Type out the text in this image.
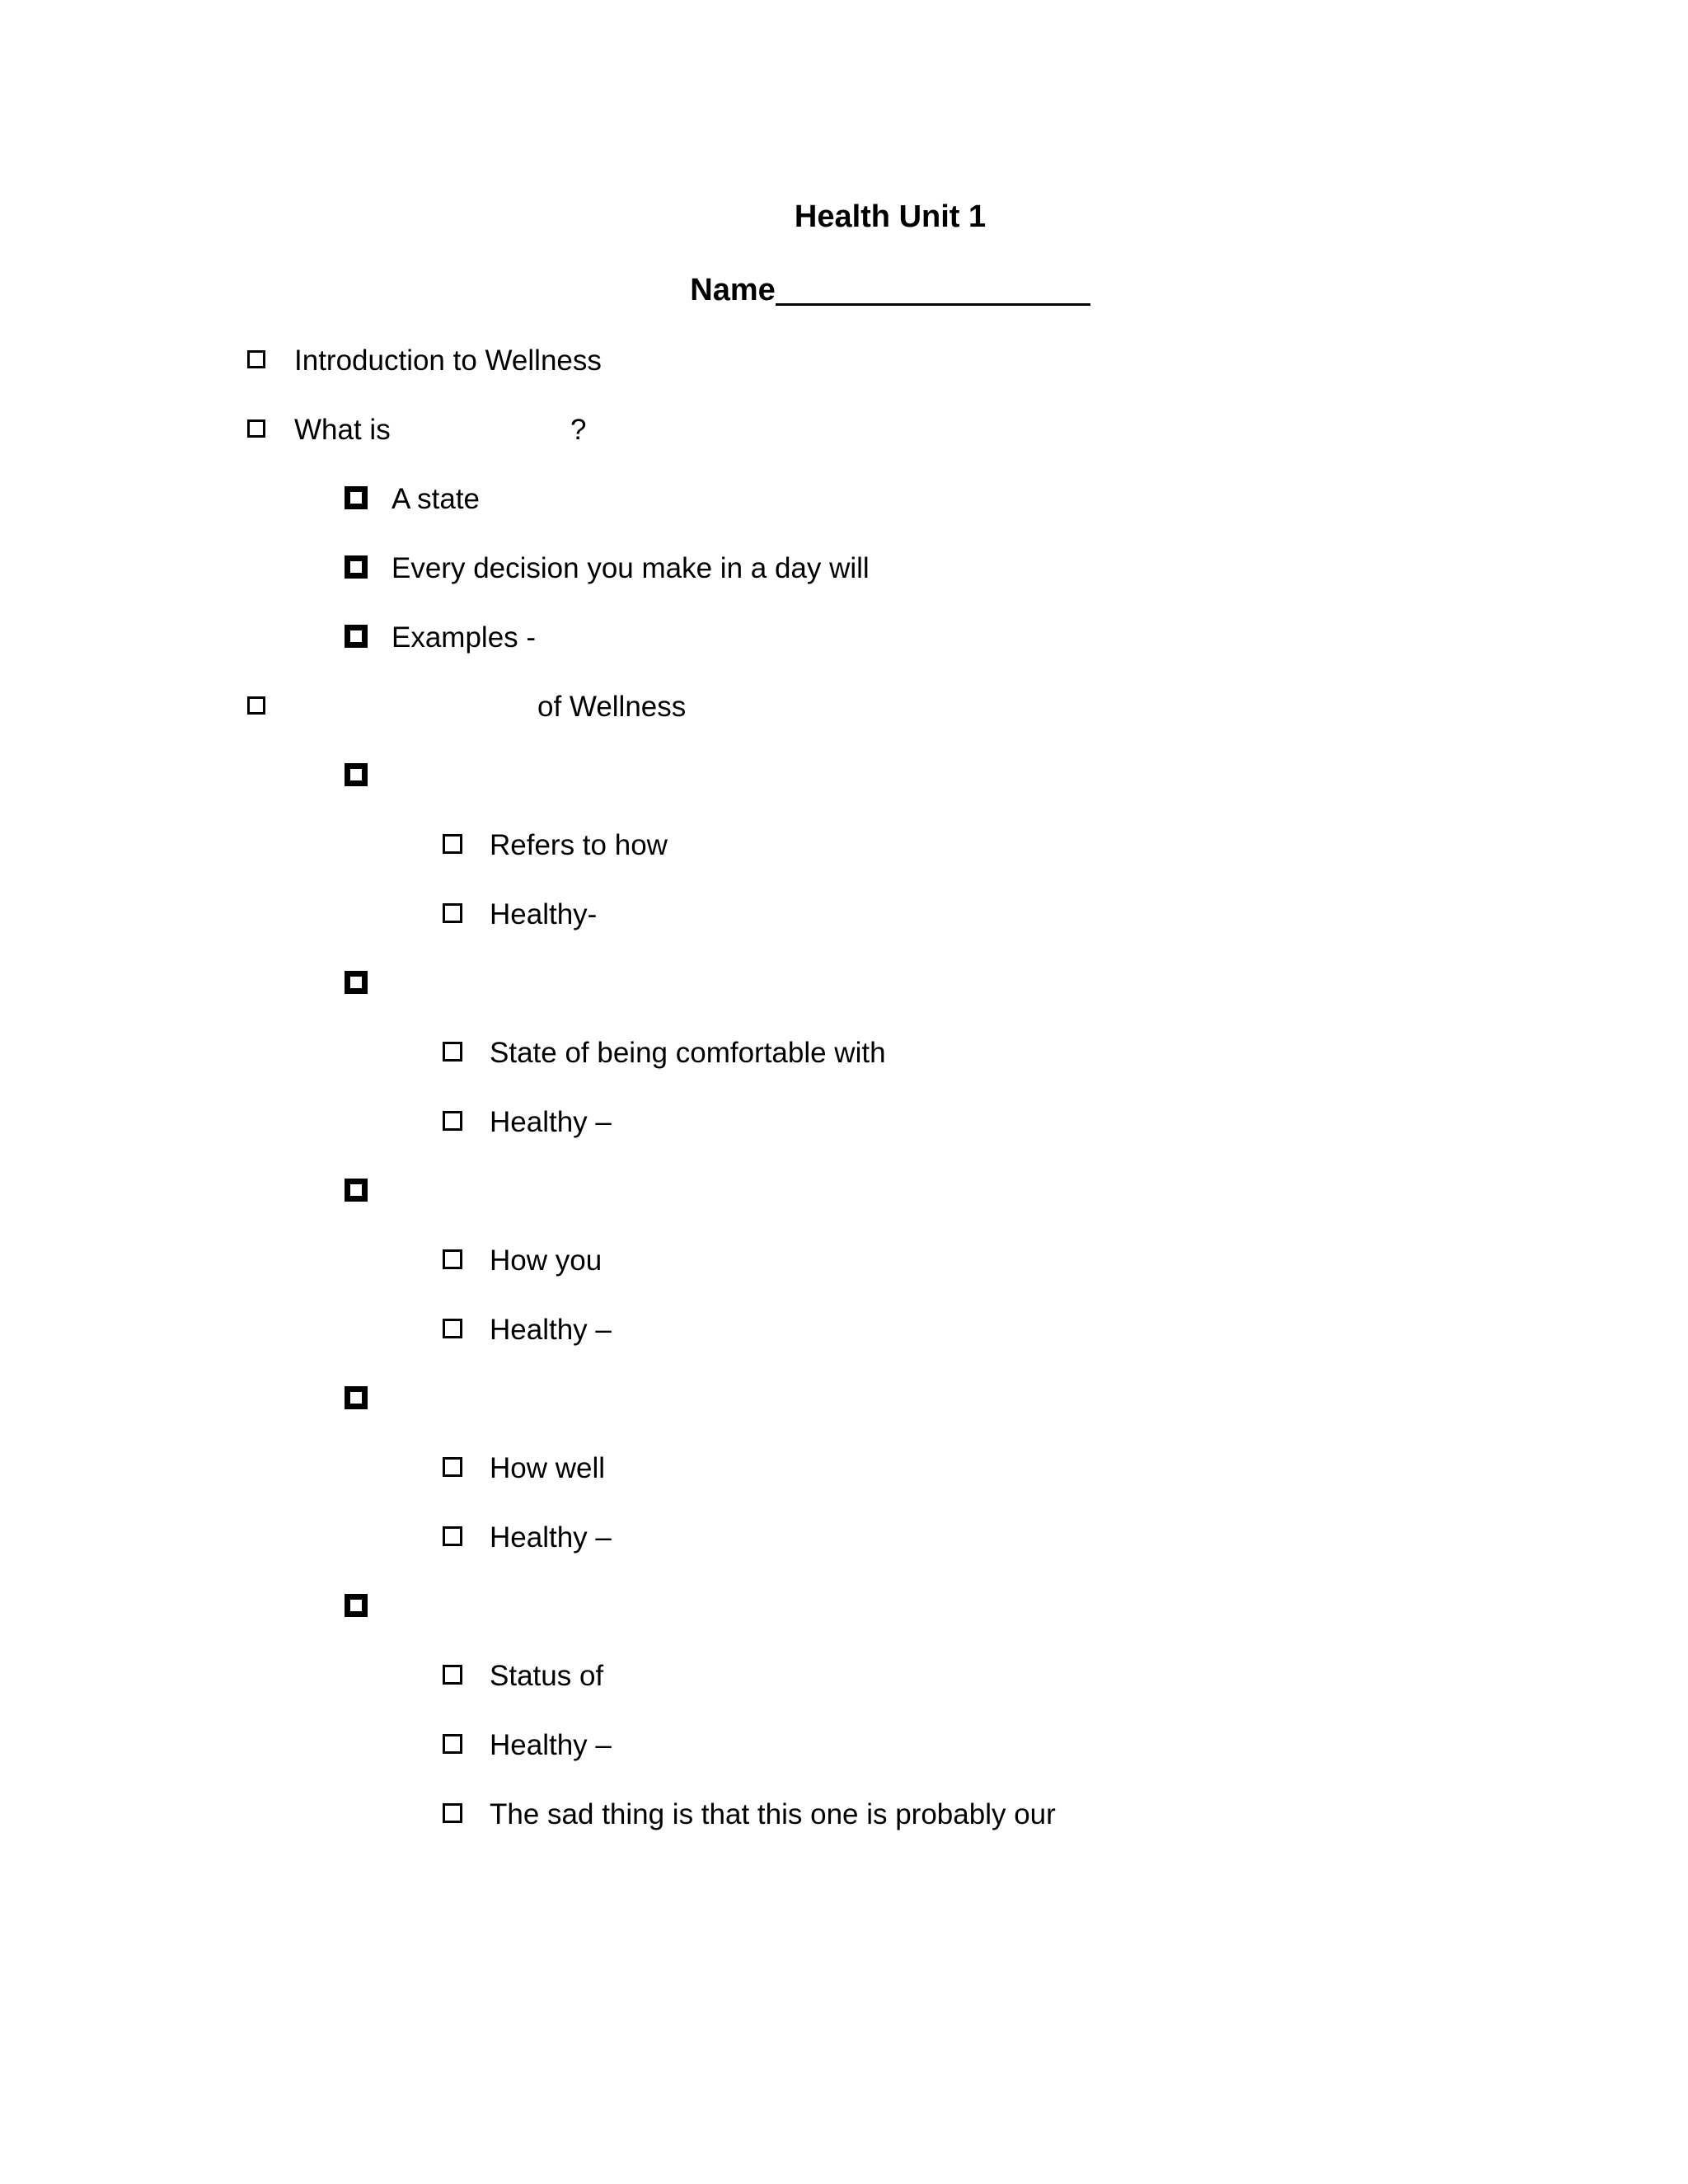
Health Unit 1
Name
Introduction to Wellness
What is	?
A state
Every decision you make in a day will
Examples -
of Wellness
Refers to how
Healthy-
State of being comfortable with
Healthy –
How you
Healthy –
How well
Healthy –
Status of
Healthy –
The sad thing is that this one is probably our
